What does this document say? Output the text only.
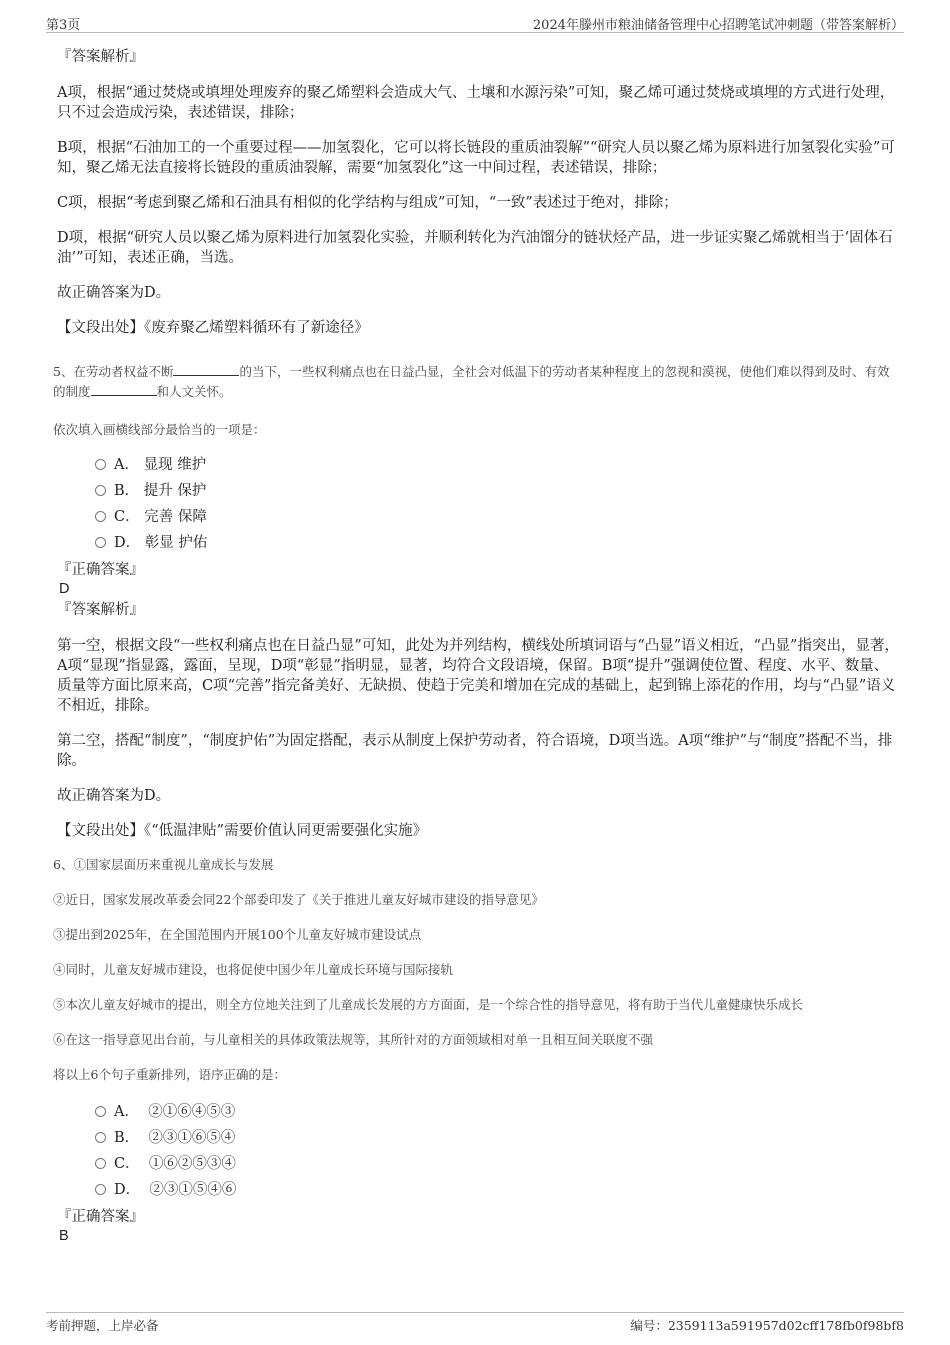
第3页	2024年滕州市粮油储备管理中心招聘笔试冲刺题（带答案解析）

『答案解析』

A项，根据“通过焚烧或填埋处理废弃的聚乙烯塑料会造成大气、土壤和水源污染”可知，聚乙烯可通过焚烧或填埋的方式进行处理，只不过会造成污染，表述错误，排除；

B项，根据“石油加工的一个重要过程——加氢裂化，它可以将长链段的重质油裂解”“研究人员以聚乙烯为原料进行加氢裂化实验”可知，聚乙烯无法直接将长链段的重质油裂解，需要“加氢裂化”这一中间过程，表述错误，排除；

C项，根据“考虑到聚乙烯和石油具有相似的化学结构与组成”可知，“一致”表述过于绝对，排除；

D项，根据“研究人员以聚乙烯为原料进行加氢裂化实验，并顺利转化为汽油馏分的链状烃产品，进一步证实聚乙烯就相当于‘固体石油’”可知，表述正确，当选。

故正确答案为D。

【文段出处】《废弃聚乙烯塑料循环有了新途径》

5、在劳动者权益不断	的当下，一些权利痛点也在日益凸显，全社会对低温下的劳动者某种程度上的忽视和漠视，使他们难以得到及时、有效的制度	和人文关怀。

依次填入画横线部分最恰当的一项是：

A． 显现 维护
B． 提升 保护
C． 完善 保障
D． 彰显 护佑

『正确答案』

D

『答案解析』

第一空，根据文段“一些权利痛点也在日益凸显”可知，此处为并列结构，横线处所填词语与“凸显”语义相近，“凸显”指突出，显著，A项“显现”指显露，露面，呈现，D项“彰显”指明显，显著，均符合文段语境，保留。B项“提升”强调使位置、程度、水平、数量、质量等方面比原来高，C项“完善”指完备美好、无缺损、使趋于完美和增加在完成的基础上，起到锦上添花的作用，均与“凸显”语义不相近，排除。

第二空，搭配“制度”，“制度护佑”为固定搭配，表示从制度上保护劳动者，符合语境，D项当选。A项“维护”与“制度”搭配不当，排除。

故正确答案为D。

【文段出处】《“低温津贴”需要价值认同更需要强化实施》

6、①国家层面历来重视儿童成长与发展

②近日，国家发展改革委会同22个部委印发了《关于推进儿童友好城市建设的指导意见》

③提出到2025年，在全国范围内开展100个儿童友好城市建设试点

④同时，儿童友好城市建设，也将促使中国少年儿童成长环境与国际接轨

⑤本次儿童友好城市的提出，则全方位地关注到了儿童成长发展的方方面面，是一个综合性的指导意见，将有助于当代儿童健康快乐成长

⑥在这一指导意见出台前，与儿童相关的具体政策法规等，其所针对的方面领域相对单一且相互间关联度不强

将以上6个句子重新排列，语序正确的是：

A． ②①⑥④⑤③
B． ②③①⑥⑤④
C． ①⑥②⑤③④
D． ②③①⑤④⑥

『正确答案』

B

考前押题，上岸必备	编号：2359113a591957d02cff178fb0f98bf8
